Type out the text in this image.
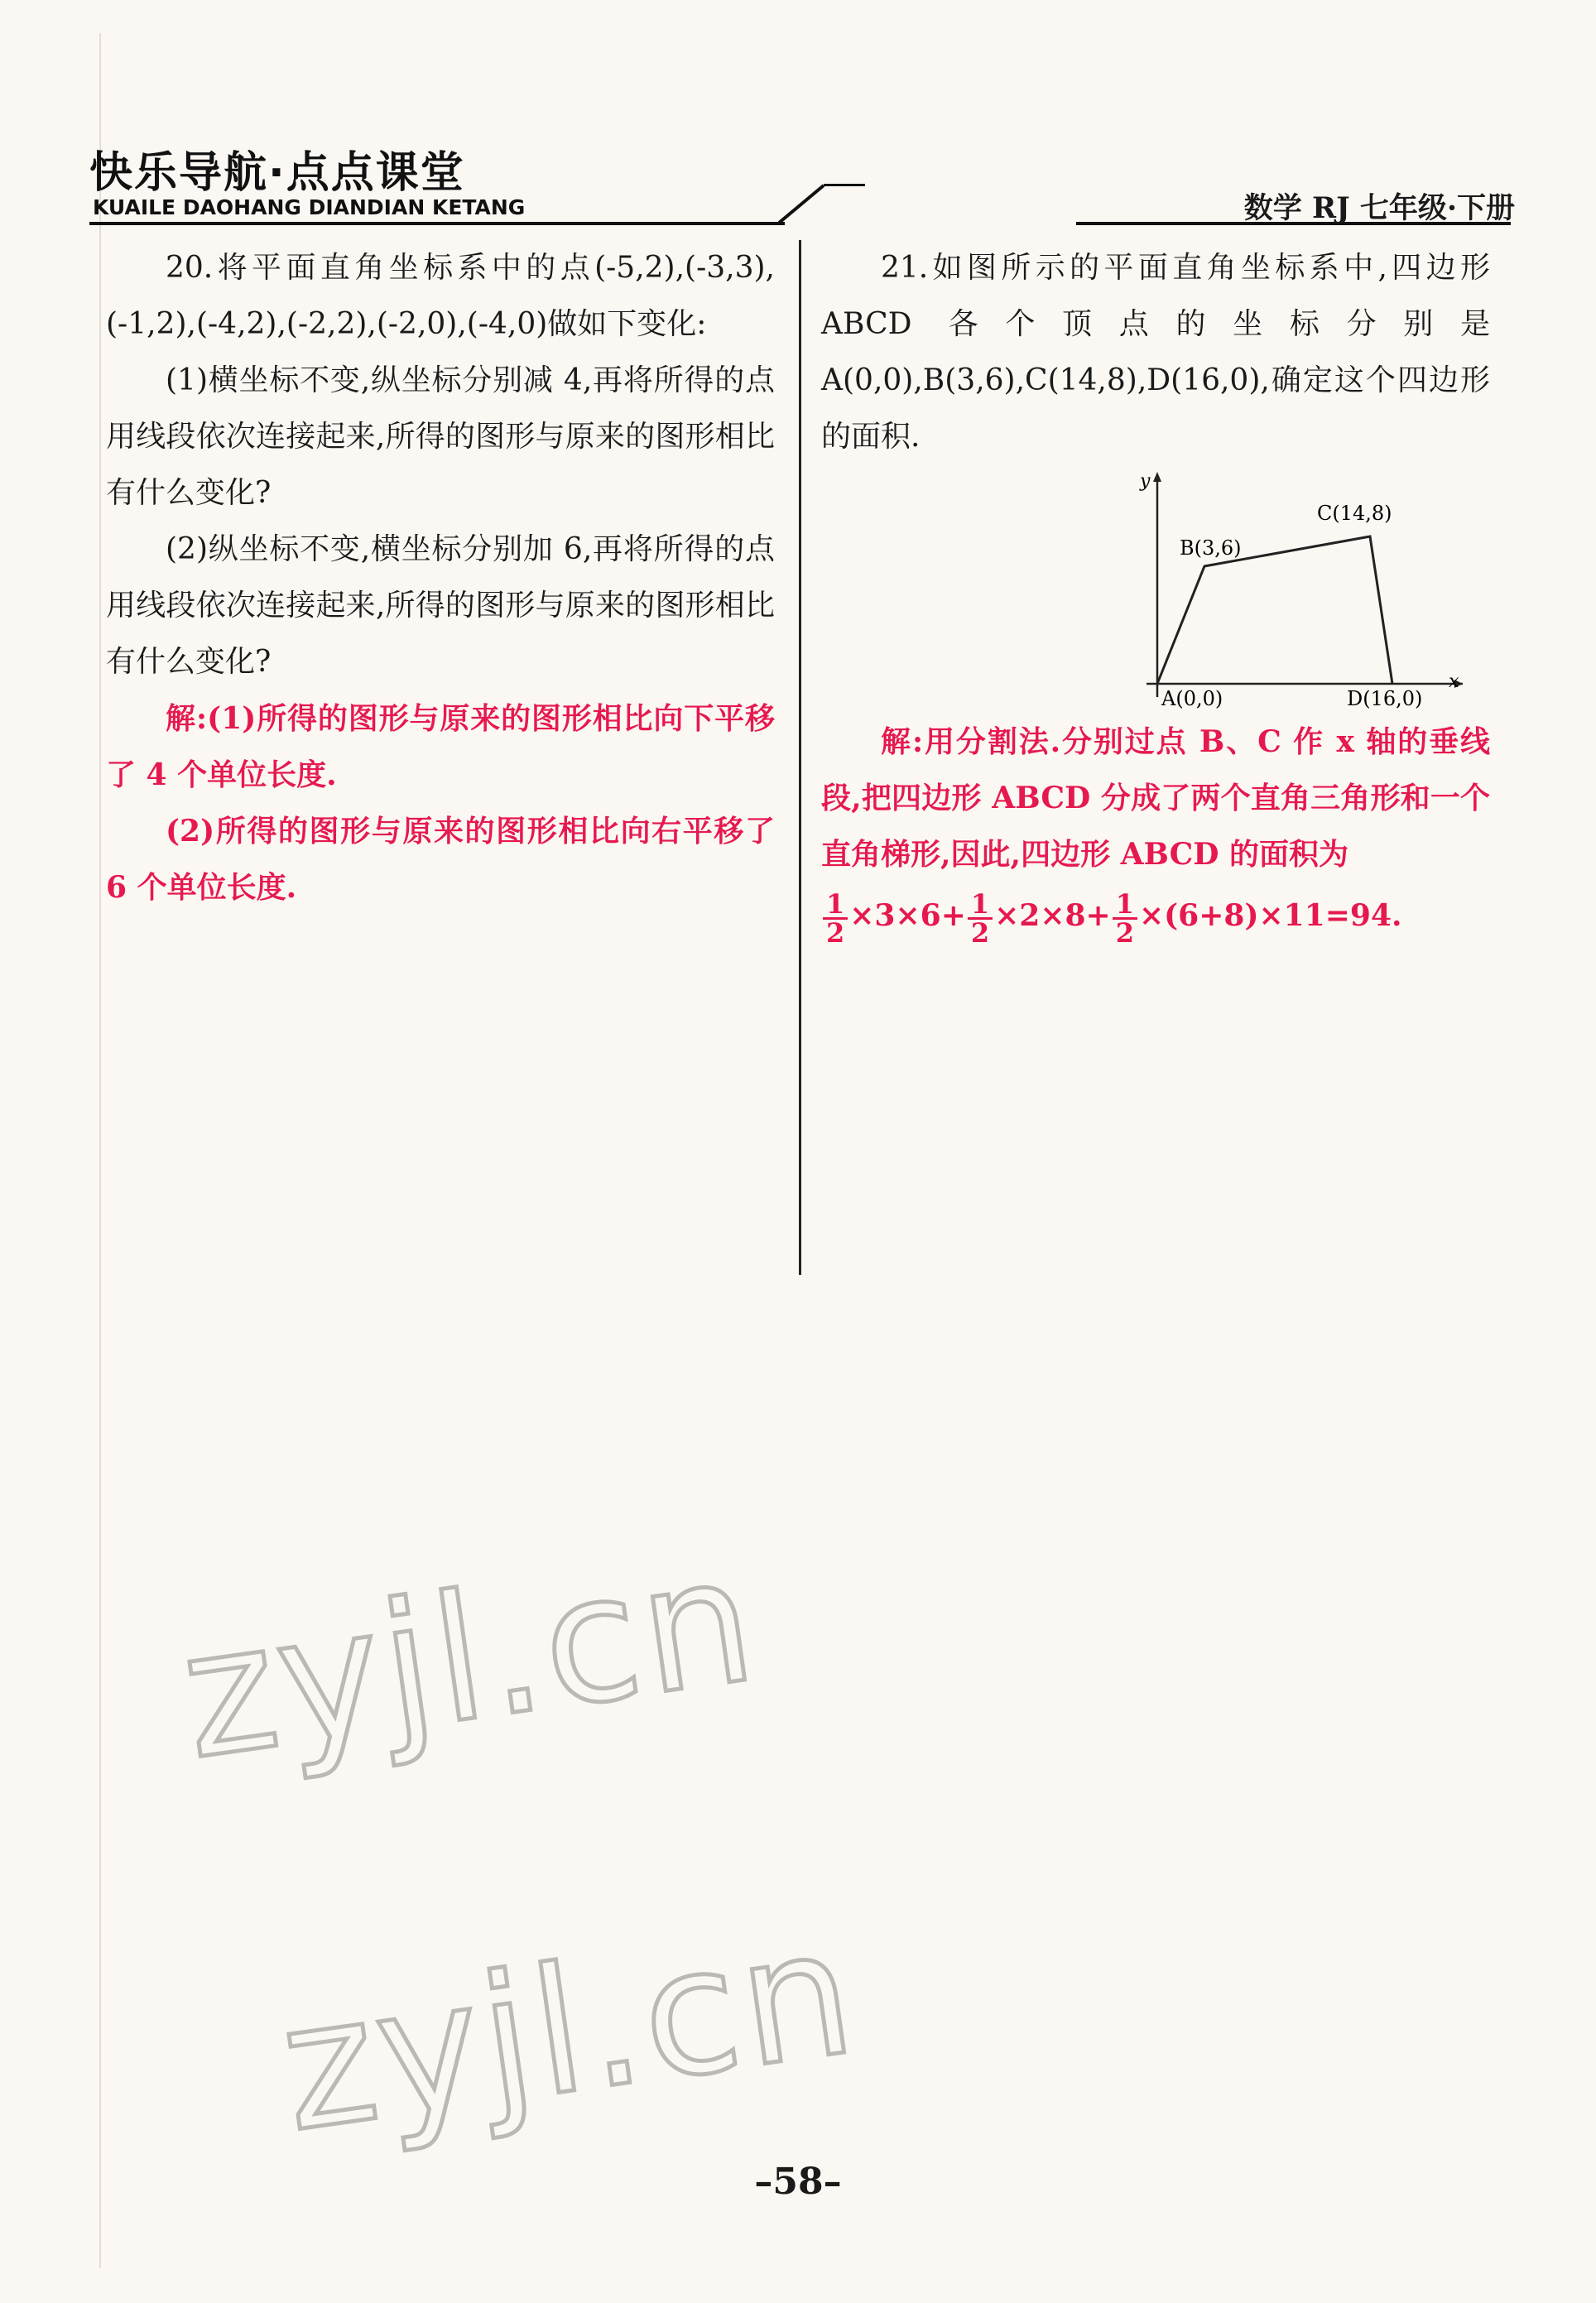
快乐导航·点点课堂
KUAILE DAOHANG DIANDIAN KETANG	数学 RJ 七年级·下册

20.将平面直角坐标系中的点(-5,2),(-3,3),(-1,2),(-4,2),(-2,2),(-2,0),(-4,0)做如下变化:

(1)横坐标不变,纵坐标分别减 4,再将所得的点用线段依次连接起来,所得的图形与原来的图形相比有什么变化?

(2)纵坐标不变,横坐标分别加 6,再将所得的点用线段依次连接起来,所得的图形与原来的图形相比有什么变化?

解:(1)所得的图形与原来的图形相比向下平移了 4 个单位长度.

(2)所得的图形与原来的图形相比向右平移了 6 个单位长度.

21.如图所示的平面直角坐标系中,四边形 ABCD 各个顶点的坐标分别是 A(0,0),B(3,6),C(14,8),D(16,0),确定这个四边形的面积.

y
x
A(0,0)
B(3,6)
C(14,8)
D(16,0)

解:用分割法.分别过点 B、C 作 x 轴的垂线段,把四边形 ABCD 分成了两个直角三角形和一个直角梯形,因此,四边形 ABCD 的面积为

$\frac{1}{2} \times 3\times 6+ \frac{1}{2} \times 2\times 8+ \frac{1}{2} \times(6+8)\times 11=94$.

zyjl.cn
zyjl.cn
–58–
